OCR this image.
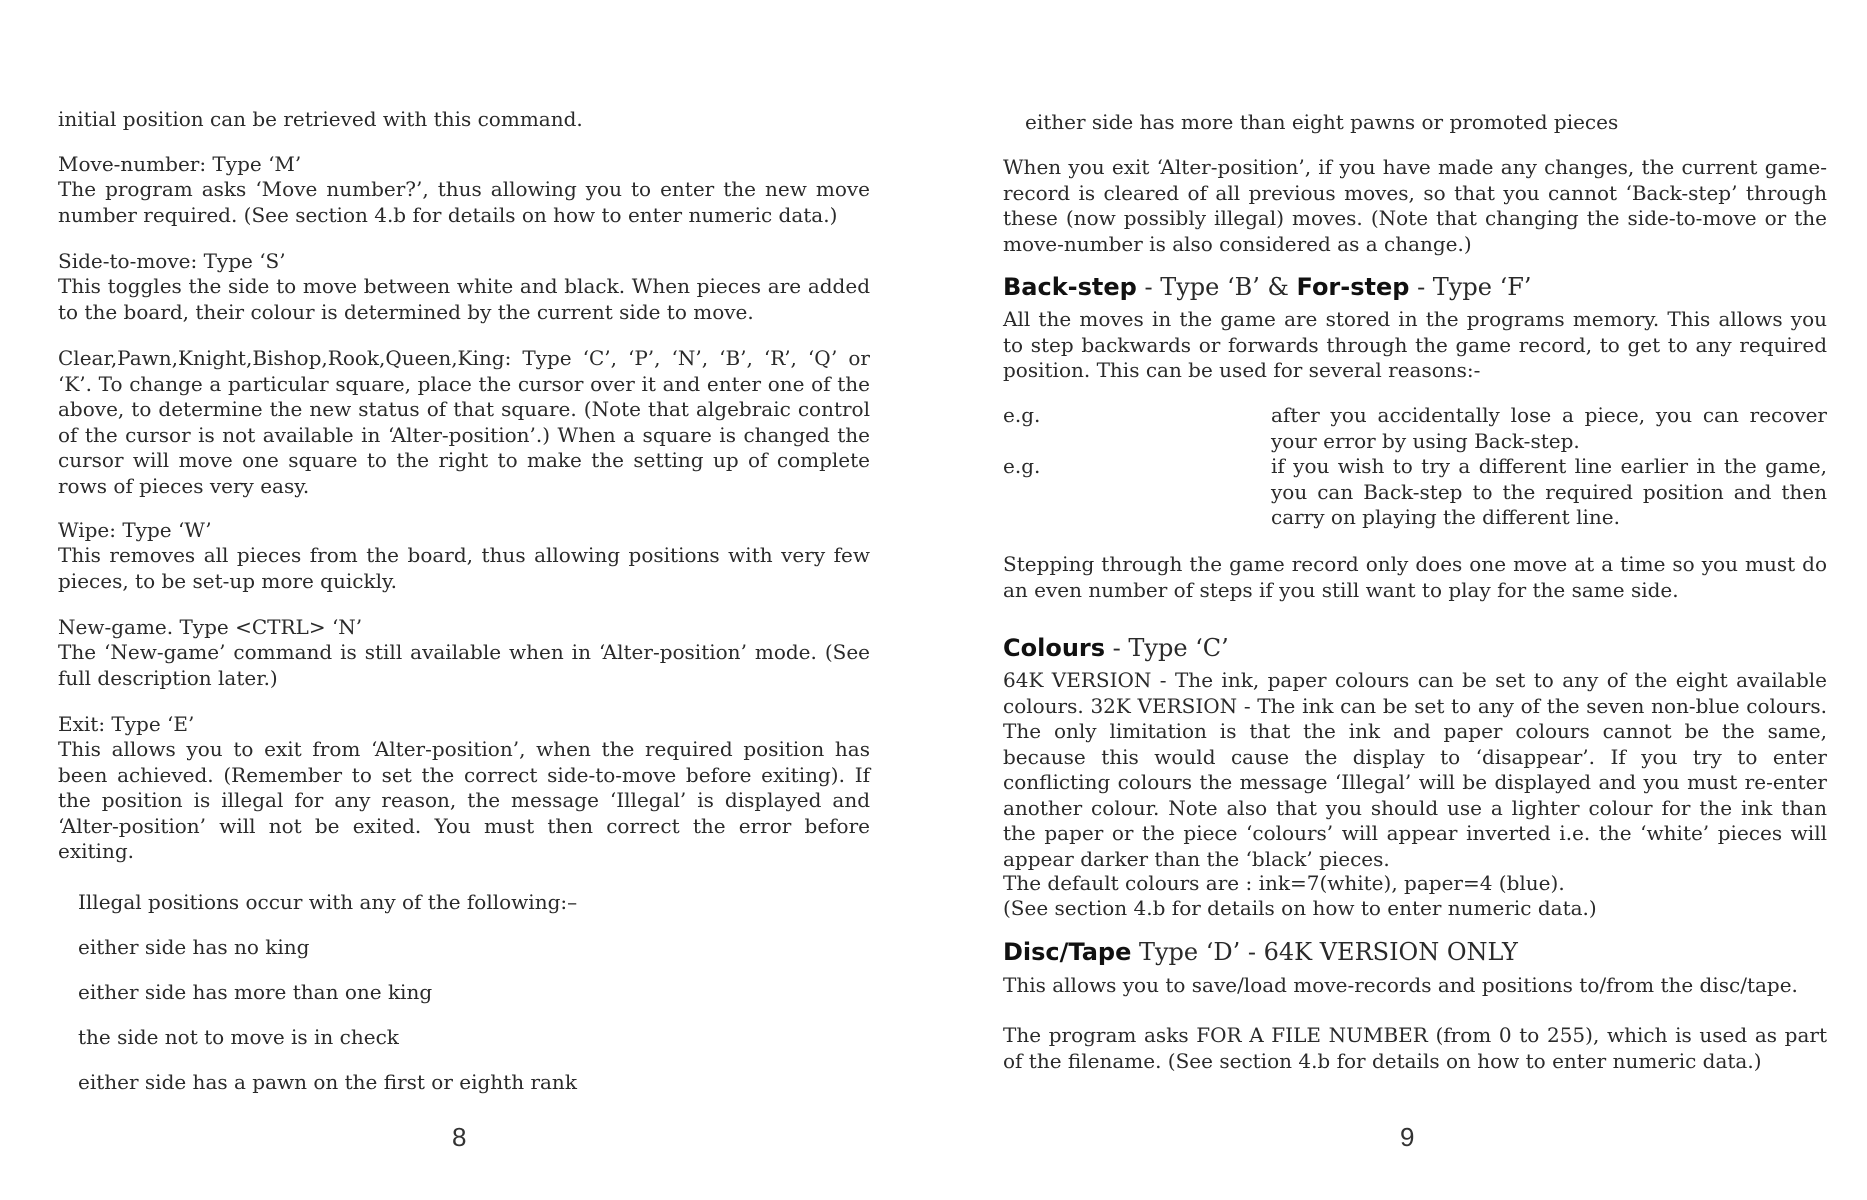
initial position can be retrieved with this command.

Move-number: Type ‘M’

The program asks ‘Move number?’, thus allowing you to enter the new move number required. (See section 4.b for details on how to enter numeric data.)

Side-to-move: Type ‘S’

This toggles the side to move between white and black. When pieces are added to the board, their colour is determined by the current side to move.

Clear,Pawn,Knight,Bishop,Rook,Queen,King: Type ‘C’, ‘P’, ‘N’, ‘B’, ‘R’, ‘Q’ or ‘K’. To change a particular square, place the cursor over it and enter one of the above, to determine the new status of that square. (Note that algebraic control of the cursor is not available in ‘Alter-position’.) When a square is changed the cursor will move one square to the right to make the setting up of complete rows of pieces very easy.

Wipe: Type ‘W’

This removes all pieces from the board, thus allowing positions with very few pieces, to be set-up more quickly.

New-game. Type <CTRL> ‘N’

The ‘New-game’ command is still available when in ‘Alter-position’ mode. (See full description later.)

Exit: Type ‘E’

This allows you to exit from ‘Alter-position’, when the required position has been achieved. (Remember to set the correct side-to-move before exiting). If the position is illegal for any reason, the message ‘Illegal’ is displayed and ‘Alter-position’ will not be exited. You must then correct the error before exiting.

Illegal positions occur with any of the following:–

either side has no king

either side has more than one king

the side not to move is in check

either side has a pawn on the first or eighth rank

8

either side has more than eight pawns or promoted pieces

When you exit ‘Alter-position’, if you have made any changes, the current game-record is cleared of all previous moves, so that you cannot ‘Back-step’ through these (now possibly illegal) moves. (Note that changing the side-to-move or the move-number is also considered as a change.)

Back-step - Type ‘B’ & For-step - Type ‘F’

All the moves in the game are stored in the programs memory. This allows you to step backwards or forwards through the game record, to get to any required position. This can be used for several reasons:-

e.g.	after you accidentally lose a piece, you can recover your error by using Back-step.
e.g.	if you wish to try a different line earlier in the game, you can Back-step to the required position and then carry on playing the different line.

Stepping through the game record only does one move at a time so you must do an even number of steps if you still want to play for the same side.

Colours - Type ‘C’

64K VERSION - The ink, paper colours can be set to any of the eight available colours. 32K VERSION - The ink can be set to any of the seven non-blue colours. The only limitation is that the ink and paper colours cannot be the same, because this would cause the display to ‘disappear’. If you try to enter conflicting colours the message ‘Illegal’ will be displayed and you must re-enter another colour. Note also that you should use a lighter colour for the ink than the paper or the piece ‘colours’ will appear inverted i.e. the ‘white’ pieces will appear darker than the ‘black’ pieces.

The default colours are : ink=7(white), paper=4 (blue).

(See section 4.b for details on how to enter numeric data.)

Disc/Tape Type ‘D’ - 64K VERSION ONLY

This allows you to save/load move-records and positions to/from the disc/tape.

The program asks FOR A FILE NUMBER (from 0 to 255), which is used as part of the filename. (See section 4.b for details on how to enter numeric data.)

9
